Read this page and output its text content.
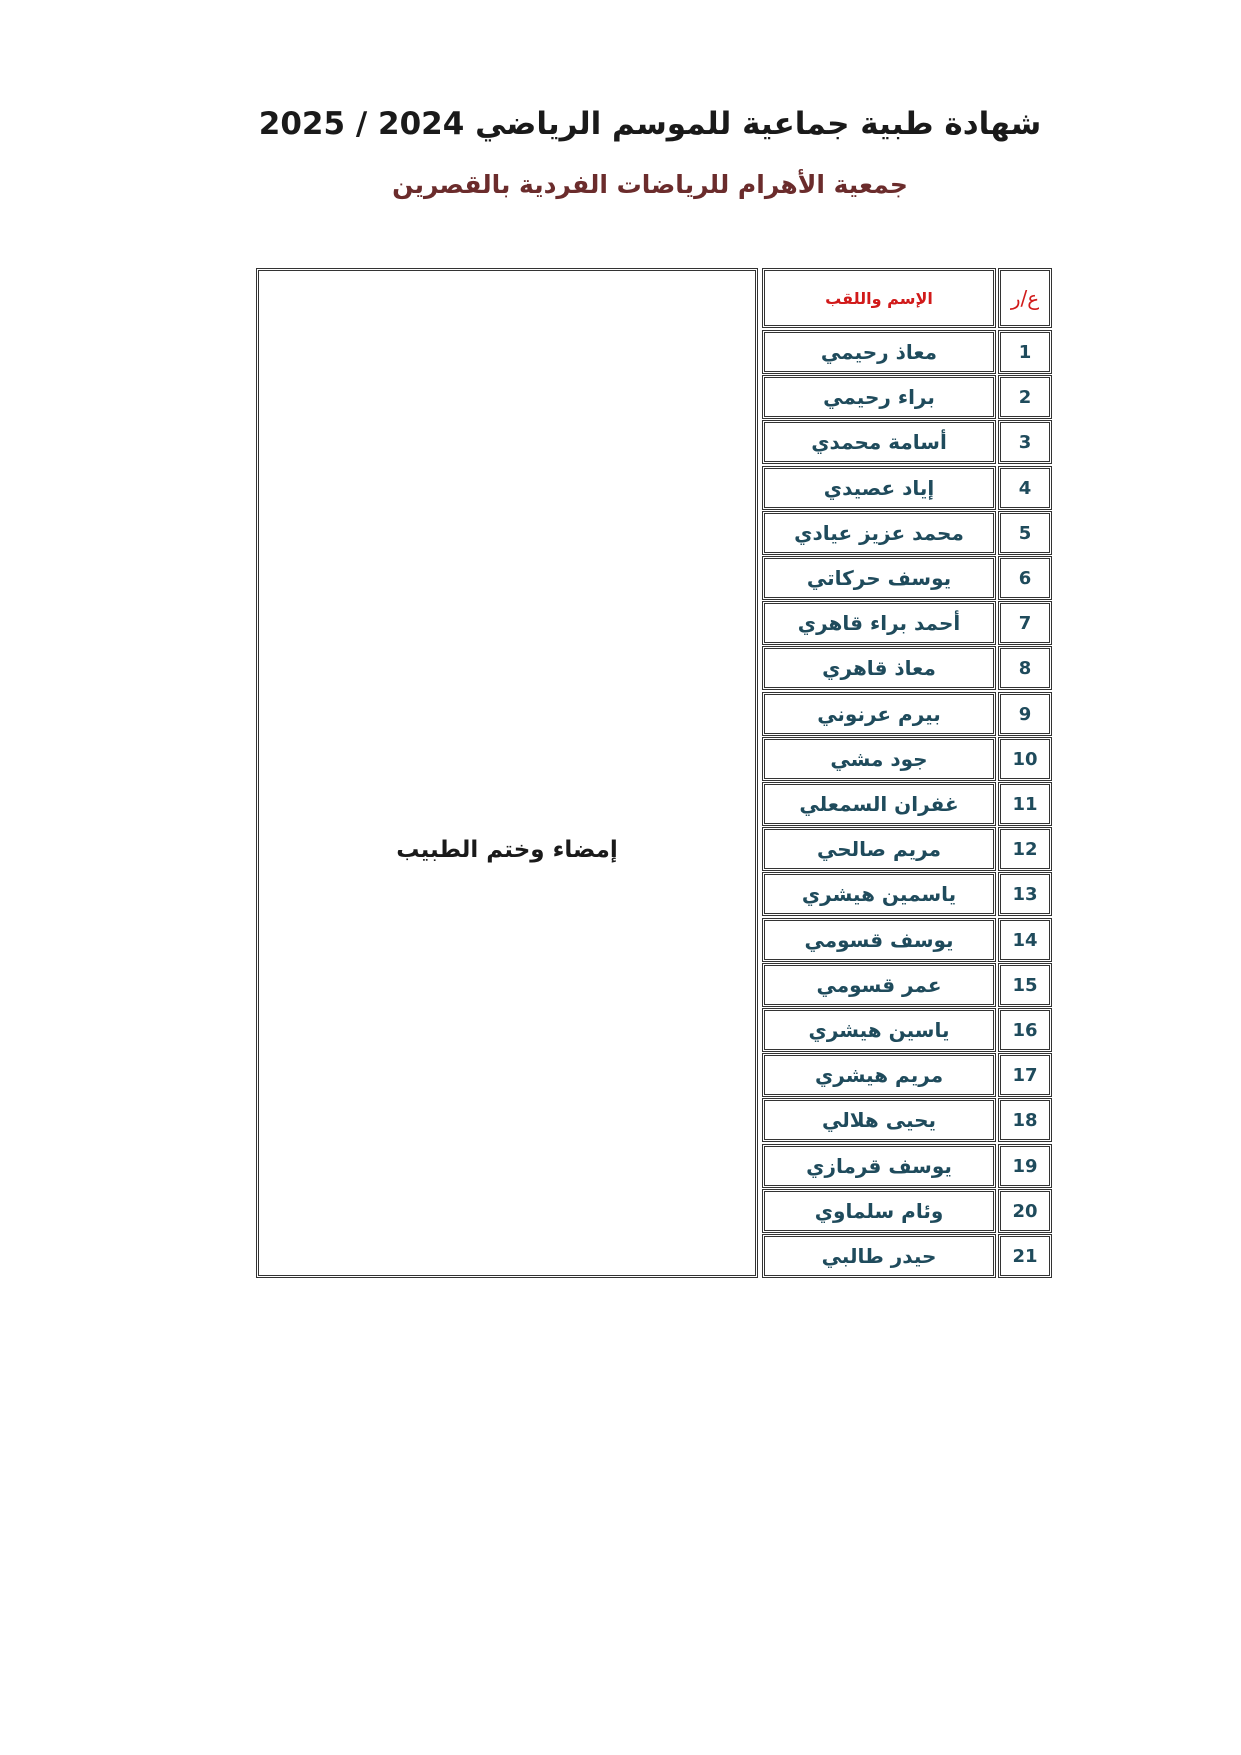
شهادة طبية جماعية للموسم الرياضي 2024 / 2025
جمعية الأهرام للرياضات الفردية بالقصرين
إمضاء وختم الطبيب
الإسم واللقب	ع/ر
معاذ رحيمي	1
براء رحيمي	2
أسامة محمدي	3
إياد عصيدي	4
محمد عزيز عيادي	5
يوسف حركاتي	6
أحمد براء قاهري	7
معاذ قاهري	8
بيرم عرنوني	9
جود مشي	10
غفران السمعلي	11
مريم صالحي	12
ياسمين هيشري	13
يوسف قسومي	14
عمر قسومي	15
ياسين هيشري	16
مريم هيشري	17
يحيى هلالي	18
يوسف قرمازي	19
وئام سلماوي	20
حيدر طالبي	21
